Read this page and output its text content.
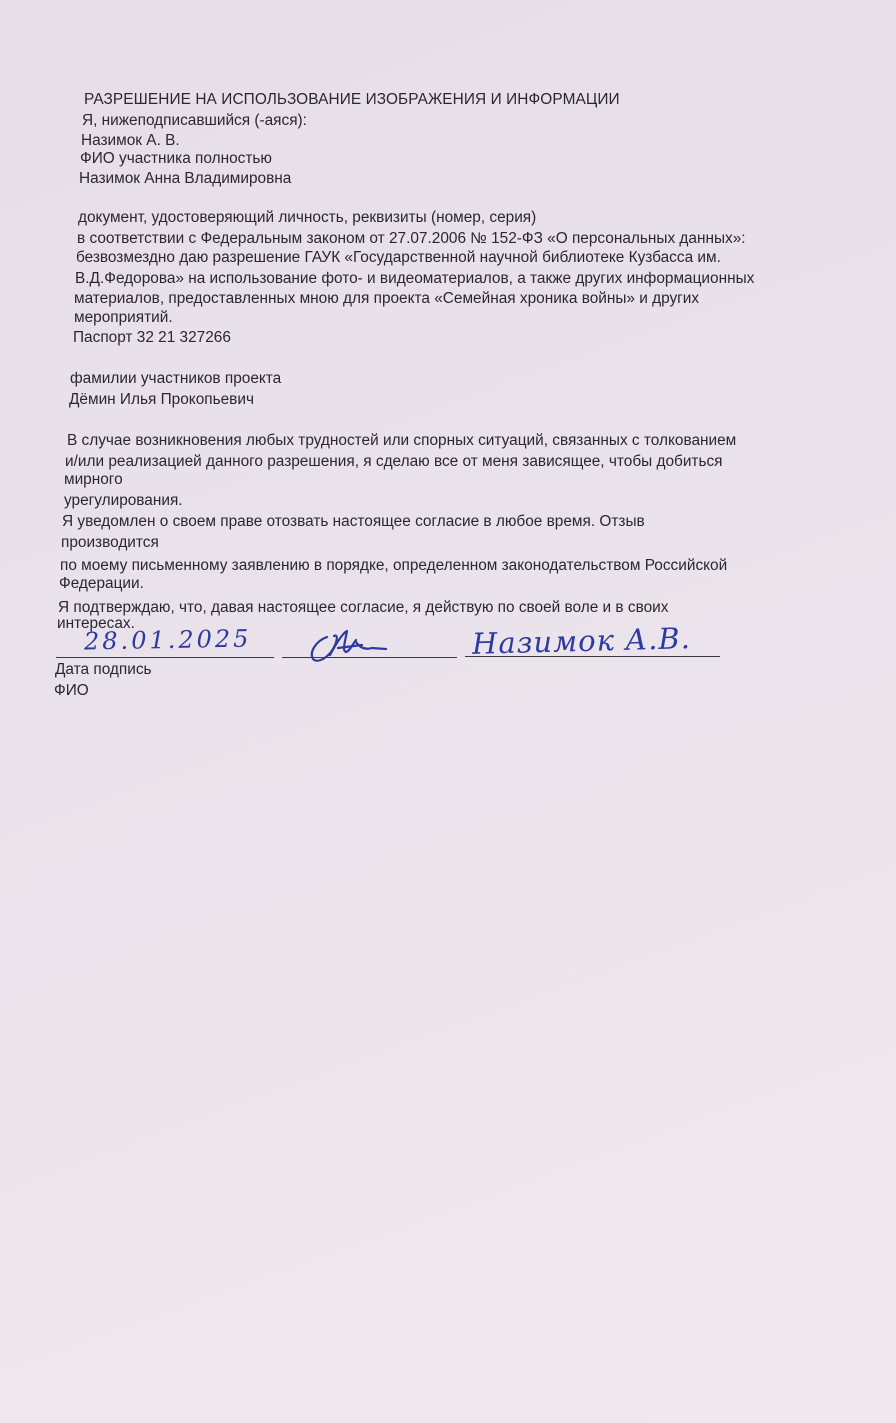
РАЗРЕШЕНИЕ НА ИСПОЛЬЗОВАНИЕ ИЗОБРАЖЕНИЯ И ИНФОРМАЦИИ
Я, нижеподписавшийся (-аяся):
Назимок А. В.
ФИО участника полностью
Назимок Анна Владимировна
документ, удостоверяющий личность, реквизиты (номер, серия)
в соответствии с Федеральным законом от 27.07.2006 № 152-ФЗ «О персональных данных»:
безвозмездно даю разрешение ГАУК «Государственной научной библиотеке Кузбасса им.
В.Д.Федорова» на использование фото- и видеоматериалов, а также других информационных
материалов, предоставленных мною для проекта «Семейная хроника войны» и других
мероприятий.
Паспорт 32 21 327266
фамилии участников проекта
Дёмин Илья Прокопьевич
В случае возникновения любых трудностей или спорных ситуаций, связанных с толкованием
и/или реализацией данного разрешения, я сделаю все от меня зависящее, чтобы добиться
мирного
урегулирования.
Я уведомлен о своем праве отозвать настоящее согласие в любое время. Отзыв
производится
по моему письменному заявлению в порядке, определенном законодательством Российской
Федерации.
Я подтверждаю, что, давая настоящее согласие, я действую по своей воле и в своих
интересах.
28.01.2025	Назимок А.В.
Дата подпись
ФИО
